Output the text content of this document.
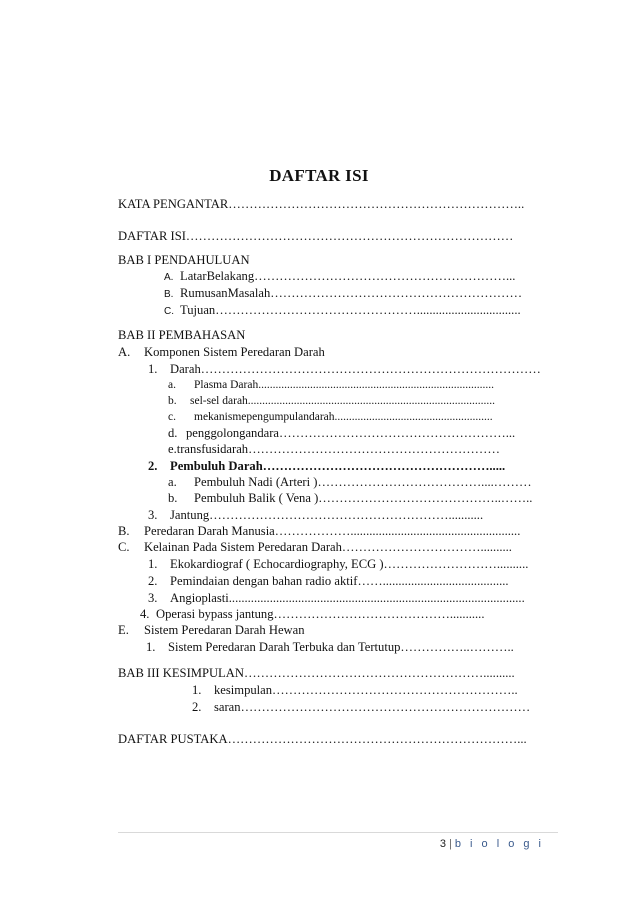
DAFTAR ISI
KATA PENGANTAR……………………………………………………………..
DAFTAR ISI……………………………………………………………………
BAB I PENDAHULUAN
A. LatarBelakang……………………………………………………...
B. RumusanMasalah……………………………………………………
C. Tujuan………………………………………….................................
BAB II PEMBAHASAN
A. Komponen Sistem Peredaran Darah
1. Darah………………………………………………………………………
a. Plasma Darah..................................................................................
b. sel-sel darah......................................................................................
c. mekanismepengumpulandarah.......................................................
d. penggolongandara………………………………………………...
e.transfusidarah……………………………………………………
2. Pembuluh Darah……………………………………………….....
a. Pembuluh Nadi (Arteri )…………………………………....………
b. Pembuluh Balik ( Vena )……………………………………..……..
3. Jantung…………………………………………………...........
B. Peredaran Darah Manusia………………......................................................
C. Kelainan Pada Sistem Peredaran Darah……………………………..........
1. Ekokardiograf ( Echocardiography, ECG )………………………..........
2. Pemindaian dengan bahan radio aktif……........................................
3. Angioplasti..............................................................................................
4. Operasi bypass jantung……………………………………...........
E. Sistem Peredaran Darah Hewan
1. Sistem Peredaran Darah Terbuka dan Tertutup……………..………..
BAB III KESIMPULAN…………………………………………………..........
1. kesimpulan…………………………………………………..
2. saran……………………………………………………………
DAFTAR PUSTAKA……………………………………………………………...
3 | b i o l o g i
